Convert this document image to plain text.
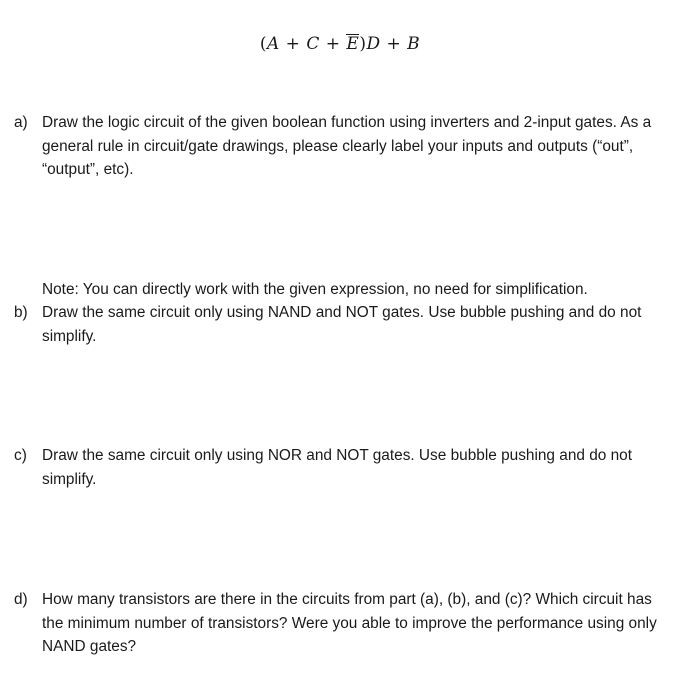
(A + C + E)D + B
a) Draw the logic circuit of the given boolean function using inverters and 2-input gates. As a general rule in circuit/gate drawings, please clearly label your inputs and outputs (“out”, “output”, etc).
Note: You can directly work with the given expression, no need for simplification.
b) Draw the same circuit only using NAND and NOT gates. Use bubble pushing and do not simplify.
c) Draw the same circuit only using NOR and NOT gates. Use bubble pushing and do not simplify.
d) How many transistors are there in the circuits from part (a), (b), and (c)? Which circuit has the minimum number of transistors? Were you able to improve the performance using only NAND gates?
